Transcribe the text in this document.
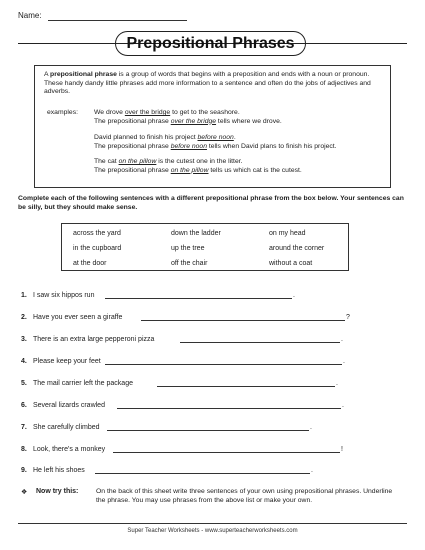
Name:
Prepositional Phrases
A prepositional phrase is a group of words that begins with a preposition and ends with a noun or pronoun. These handy dandy little phrases add more information to a sentence and often do the jobs of adjectives and adverbs.
examples: We drove over the bridge to get to the seashore.
The prepositional phrase over the bridge tells where we drove.
David planned to finish his project before noon.
The prepositional phrase before noon tells when David plans to finish his project.
The cat on the pillow is the cutest one in the litter.
The prepositional phrase on the pillow tells us which cat is the cutest.
Complete each of the following sentences with a different prepositional phrase from the box below. Your sentences can be silly, but they should make sense.
across the yard	down the ladder	on my head
in the cupboard	up the tree	around the corner
at the door	off the chair	without a coat
1. I saw six hippos run	.
2. Have you ever seen a giraffe	?
3. There is an extra large pepperoni pizza	.
4. Please keep your feet	.
5. The mail carrier left the package	.
6. Several lizards crawled	.
7. She carefully climbed	.
8. Look, there's a monkey	!
9. He left his shoes	.
❖ Now try this:	On the back of this sheet write three sentences of your own using prepositional phrases. Underline the phrase. You may use phrases from the above list or make your own.
Super Teacher Worksheets - www.superteacherworksheets.com
